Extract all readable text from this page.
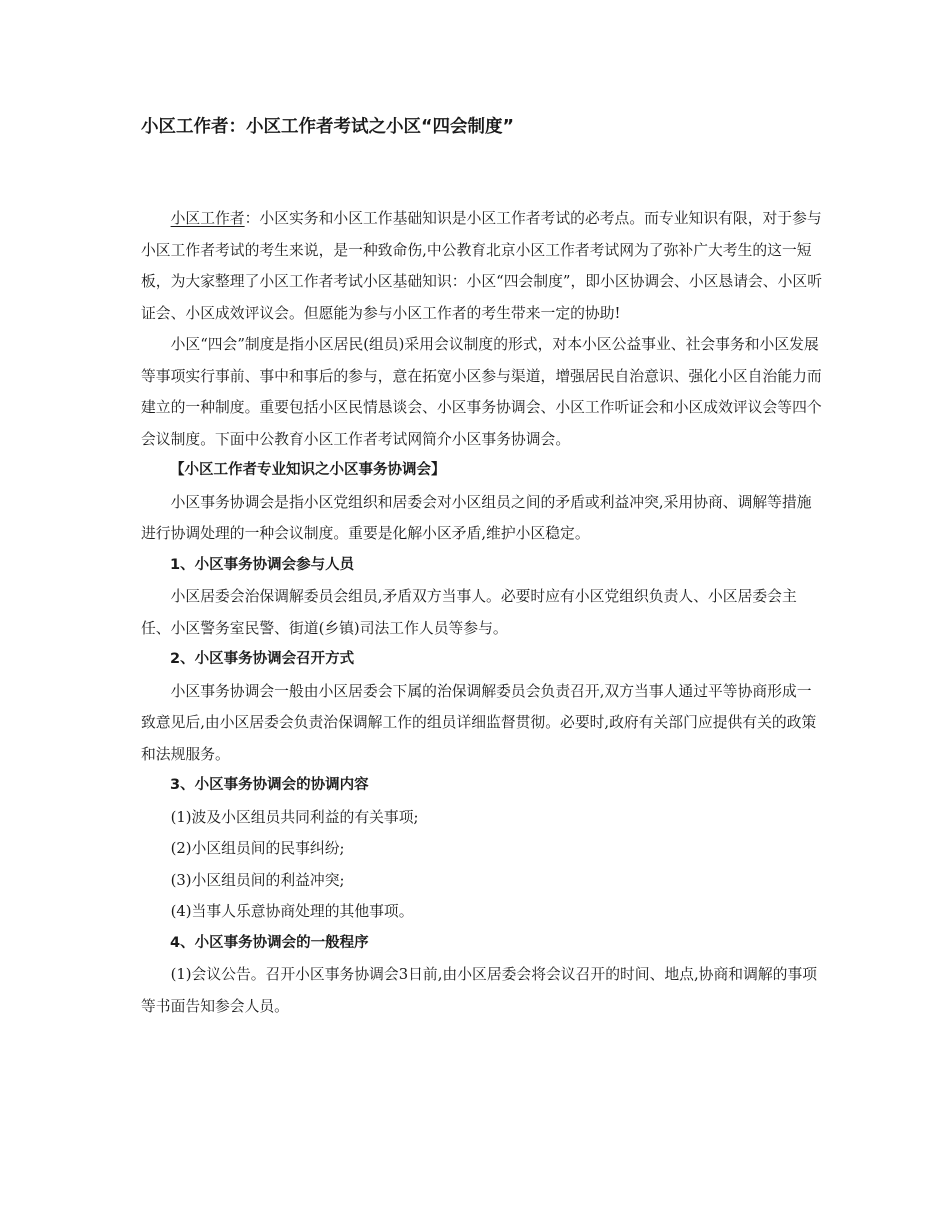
小区工作者：小区工作者考试之小区“四会制度”

小区工作者：小区实务和小区工作基础知识是小区工作者考试的必考点。而专业知识有限，对于参与小区工作者考试的考生来说，是一种致命伤,中公教育北京小区工作者考试网为了弥补广大考生的这一短板，为大家整理了小区工作者考试小区基础知识：小区“四会制度”，即小区协调会、小区恳请会、小区听证会、小区成效评议会。但愿能为参与小区工作者的考生带来一定的协助!

小区“四会”制度是指小区居民(组员)采用会议制度的形式，对本小区公益事业、社会事务和小区发展等事项实行事前、事中和事后的参与，意在拓宽小区参与渠道，增强居民自治意识、强化小区自治能力而建立的一种制度。重要包括小区民情恳谈会、小区事务协调会、小区工作听证会和小区成效评议会等四个会议制度。下面中公教育小区工作者考试网简介小区事务协调会。

【小区工作者专业知识之小区事务协调会】

小区事务协调会是指小区党组织和居委会对小区组员之间的矛盾或利益冲突,采用协商、调解等措施进行协调处理的一种会议制度。重要是化解小区矛盾,维护小区稳定。

1、小区事务协调会参与人员

小区居委会治保调解委员会组员,矛盾双方当事人。必要时应有小区党组织负责人、小区居委会主任、小区警务室民警、街道(乡镇)司法工作人员等参与。

2、小区事务协调会召开方式

小区事务协调会一般由小区居委会下属的治保调解委员会负责召开,双方当事人通过平等协商形成一致意见后,由小区居委会负责治保调解工作的组员详细监督贯彻。必要时,政府有关部门应提供有关的政策和法规服务。

3、小区事务协调会的协调内容

(1)波及小区组员共同利益的有关事项;

(2)小区组员间的民事纠纷;

(3)小区组员间的利益冲突;

(4)当事人乐意协商处理的其他事项。

4、小区事务协调会的一般程序

(1)会议公告。召开小区事务协调会3日前,由小区居委会将会议召开的时间、地点,协商和调解的事项等书面告知参会人员。
